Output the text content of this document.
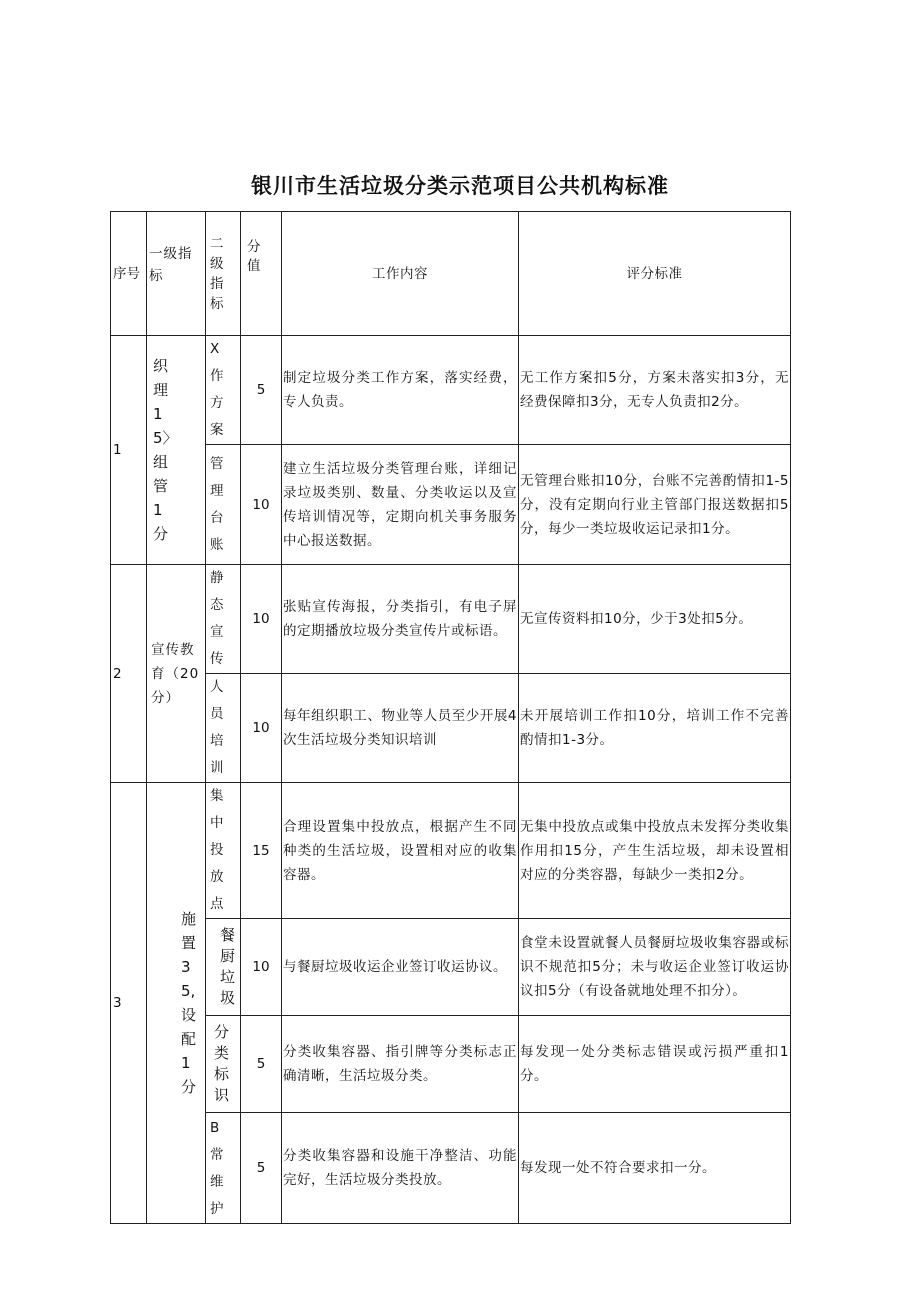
银川市生活垃圾分类示范项目公共机构标准
序号	一级指标	二级指标	分值	工作内容	评分标准
1	织理15〉组管1分	X作方案	5	制定垃圾分类工作方案，落实经费，专人负责。	无工作方案扣5分，方案未落实扣3分，无经费保障扣3分，无专人负责扣2分。

		管理台账	10	建立生活垃圾分类管理台账，详细记录垃圾类别、数量、分类收运以及宣传培训情况等，定期向机关事务服务中心报送数据。	无管理台账扣10分，台账不完善酌情扣1-5分，没有定期向行业主管部门报送数据扣5分，每少一类垃圾收运记录扣1分。
2	宣传教育（20分）	静态宣传	10	张贴宣传海报，分类指引，有电子屏的定期播放垃圾分类宣传片或标语。	无宣传资料扣10分，少于3处扣5分。

		人员培训	10	每年组织职工、物业等人员至少开展4次生活垃圾分类知识培训	未开展培训工作扣10分，培训工作不完善酌情扣1-3分。
3	施置35,设配1分	集中投放点	15	合理设置集中投放点，根据产生不同种类的生活垃圾，设置相对应的收集容器。	无集中投放点或集中投放点未发挥分类收集作用扣15分，产生生活垃圾，却未设置相对应的分类容器，每缺少一类扣2分。

		餐厨垃圾	10	与餐厨垃圾收运企业签订收运协议。	食堂未设置就餐人员餐厨垃圾收集容器或标识不规范扣5分；未与收运企业签订收运协议扣5分（有设备就地处理不扣分）。

		分类标识	5	分类收集容器、指引牌等分类标志正确清晰，生活垃圾分类。	每发现一处分类标志错误或污损严重扣1分。

		B常维护	5	分类收集容器和设施干净整洁、功能完好，生活垃圾分类投放。	每发现一处不符合要求扣一分。
